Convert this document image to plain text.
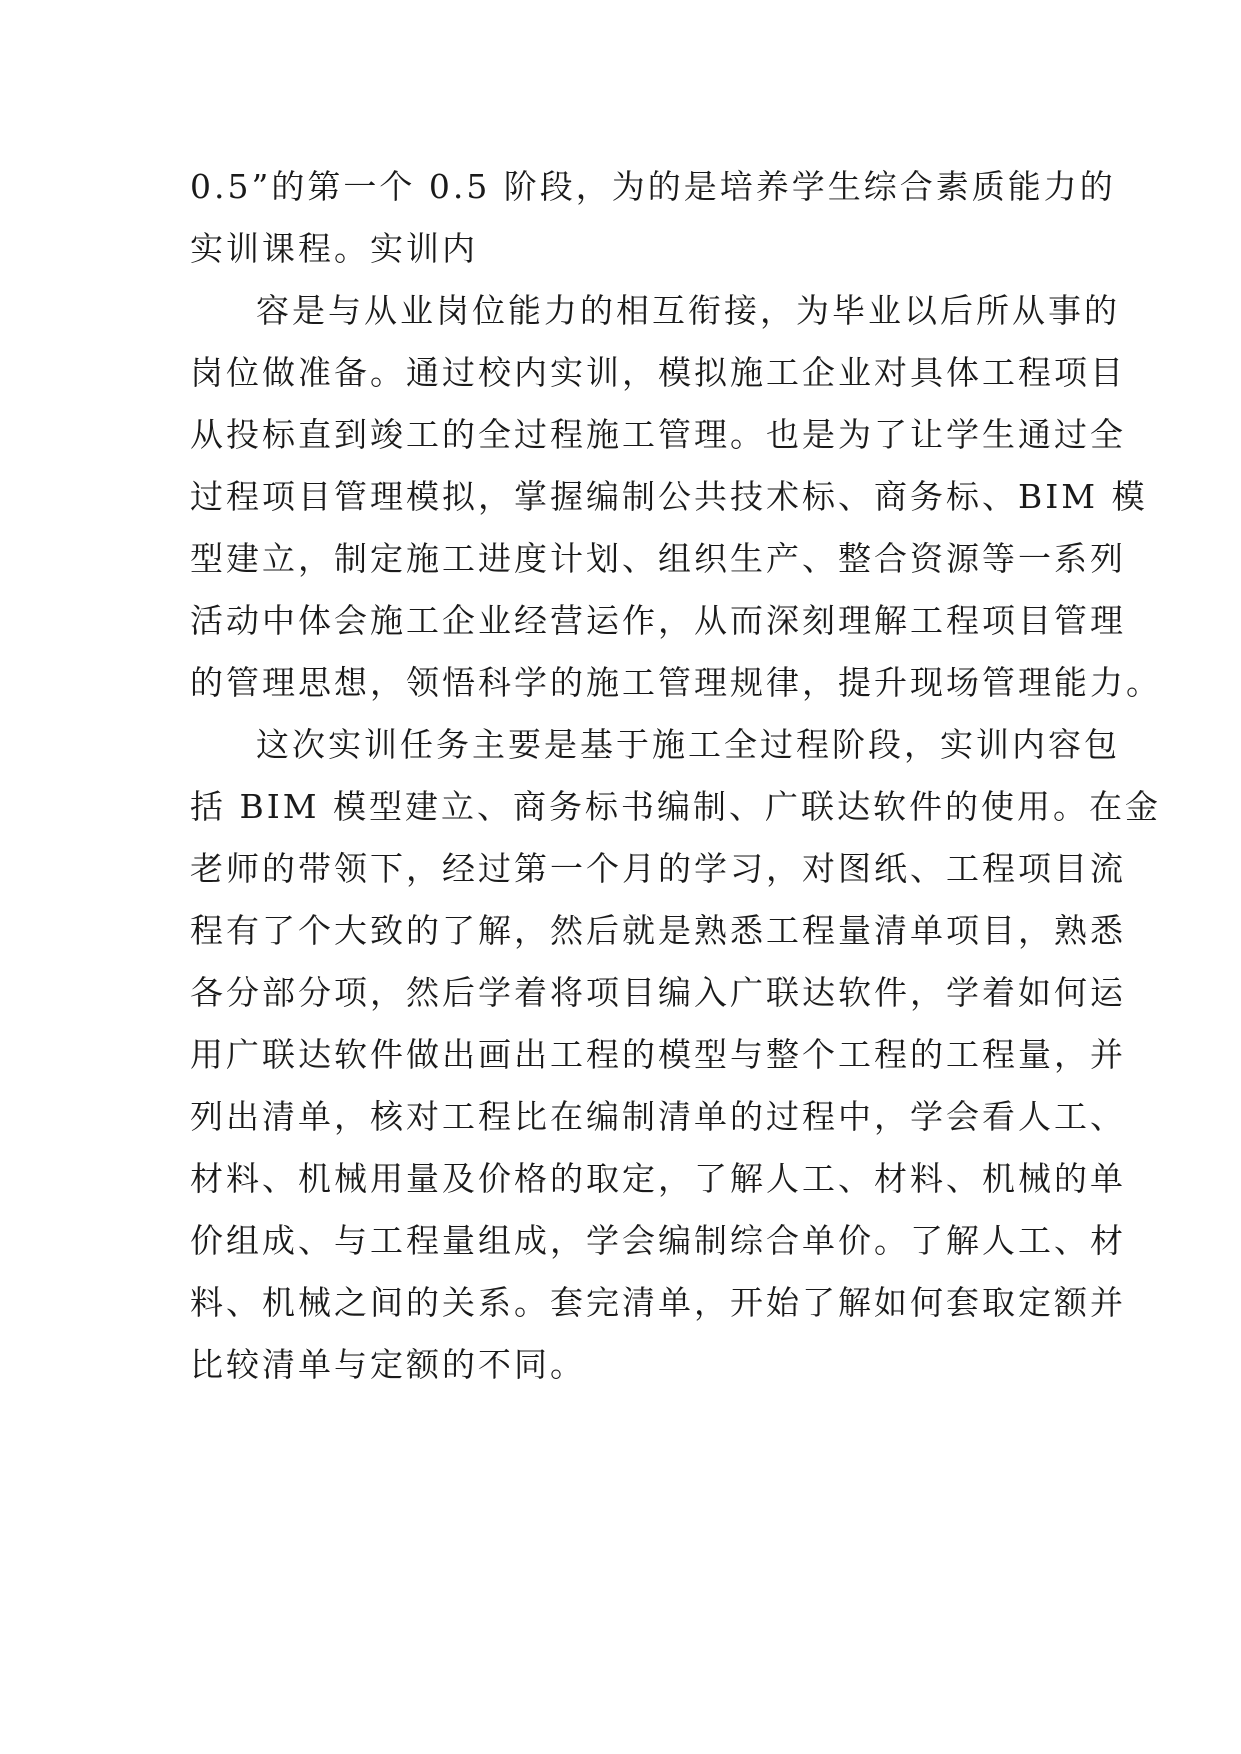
0.5”的第一个 0.5 阶段，为的是培养学生综合素质能力的
实训课程。实训内
容是与从业岗位能力的相互衔接，为毕业以后所从事的
岗位做准备。通过校内实训，模拟施工企业对具体工程项目
从投标直到竣工的全过程施工管理。也是为了让学生通过全
过程项目管理模拟，掌握编制公共技术标、商务标、BIM 模
型建立，制定施工进度计划、组织生产、整合资源等一系列
活动中体会施工企业经营运作，从而深刻理解工程项目管理
的管理思想，领悟科学的施工管理规律，提升现场管理能力。
这次实训任务主要是基于施工全过程阶段，实训内容包
括 BIM 模型建立、商务标书编制、广联达软件的使用。在金
老师的带领下，经过第一个月的学习，对图纸、工程项目流
程有了个大致的了解，然后就是熟悉工程量清单项目，熟悉
各分部分项，然后学着将项目编入广联达软件，学着如何运
用广联达软件做出画出工程的模型与整个工程的工程量，并
列出清单，核对工程比在编制清单的过程中，学会看人工、
材料、机械用量及价格的取定，了解人工、材料、机械的单
价组成、与工程量组成，学会编制综合单价。了解人工、材
料、机械之间的关系。套完清单，开始了解如何套取定额并
比较清单与定额的不同。
